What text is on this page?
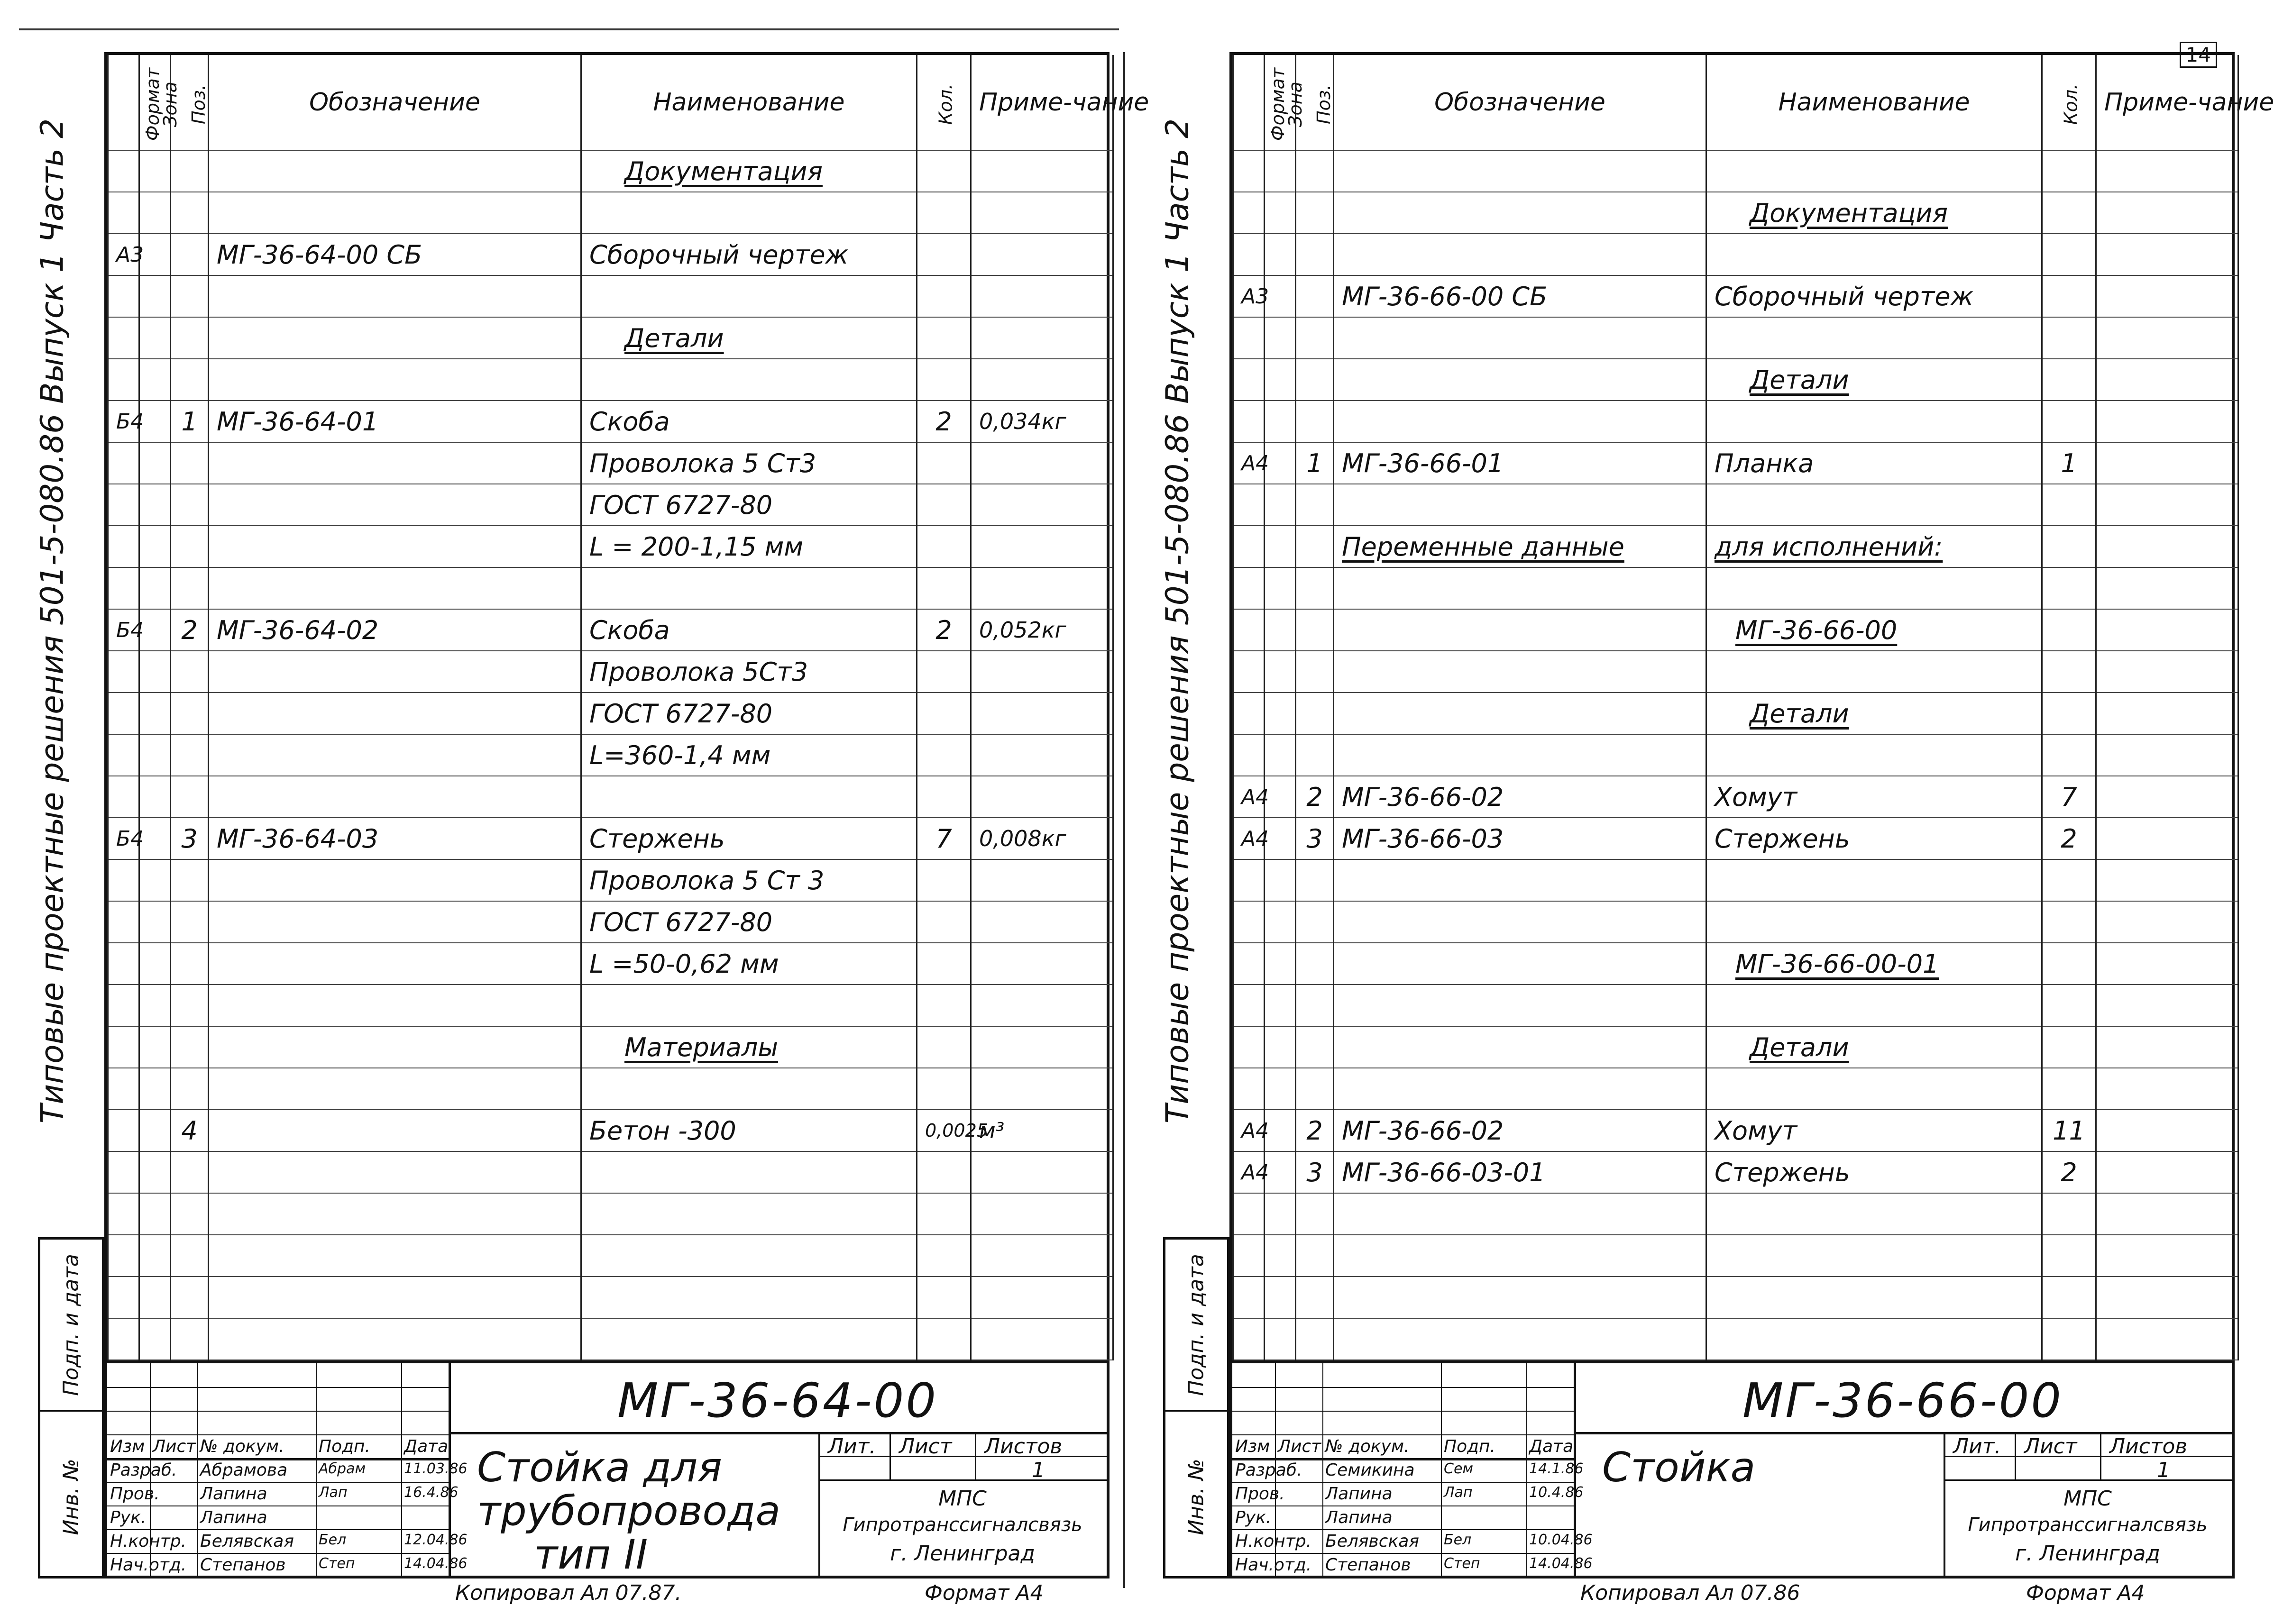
14
Типовые проектные решения 501-5-080.86 Выпуск 1 Часть 2
Формат	Зона	Поз.	Обозначение	Наименование	Кол.	Приме-чание
				Документация		

А3			МГ-36-64-00 СБ	Сборочный чертеж		

				Детали		

Б4		1	МГ-36-64-01	Скоба	2	0,034кг
				Проволока 5 Ст3		
				ГОСТ 6727-80		
				L = 200-1,15 мм		

Б4		2	МГ-36-64-02	Скоба	2	0,052кг
				Проволока 5Ст3		
				ГОСТ 6727-80		
				L=360-1,4 мм		

Б4		3	МГ-36-64-03	Стержень	7	0,008кг
				Проволока 5 Ст 3		
				ГОСТ 6727-80		
				L =50-0,62 мм		

				Материалы		

		4		Бетон -300	0,0025	м³

Подп. и дата
Инв. №
Изм Лист № докум. Подп. Дата
Разраб. Абрамова Абрам	11.03.86
Пров. Лапина	Лап	16.4.86
Рук.	Лапина
Н.контр. Белявская Бел	12.04.86
Нач.отд. Степанов Степ	14.04.86
МГ-36-64-00
Стойка для
трубопровода
тип II
Лит. Лист Листов
1
МПС
Гипротранссигналсвязь
г. Ленинград
Копировал Ал 07.87.	Формат А4
Типовые проектные решения 501-5-080.86 Выпуск 1 Часть 2
Формат	Зона	Поз.	Обозначение	Наименование	Кол.	Приме-чание

				Документация		

А3			МГ-36-66-00 СБ	Сборочный чертеж		

				Детали		

А4		1	МГ-36-66-01	Планка	1	

			Переменные данные	для исполнений:		

				МГ-36-66-00		

				Детали		

А4		2	МГ-36-66-02	Хомут	7	
А4		3	МГ-36-66-03	Стержень	2	

				МГ-36-66-00-01		

				Детали		

А4		2	МГ-36-66-02	Хомут	11	
А4		3	МГ-36-66-03-01	Стержень	2	

Подп. и дата
Инв. №
Изм Лист № докум. Подп. Дата
Разраб. Семикина Сем	14.1.86
Пров. Лапина	Лап	10.4.86
Рук.	Лапина
Н.контр. Белявская Бел	10.04.86
Нач.отд. Степанов Степ	14.04.86
МГ-36-66-00
Стойка	Лит. Лист Листов
1
МПС
Гипротранссигналсвязь
г. Ленинград
Копировал Ал 07.86	Формат А4
